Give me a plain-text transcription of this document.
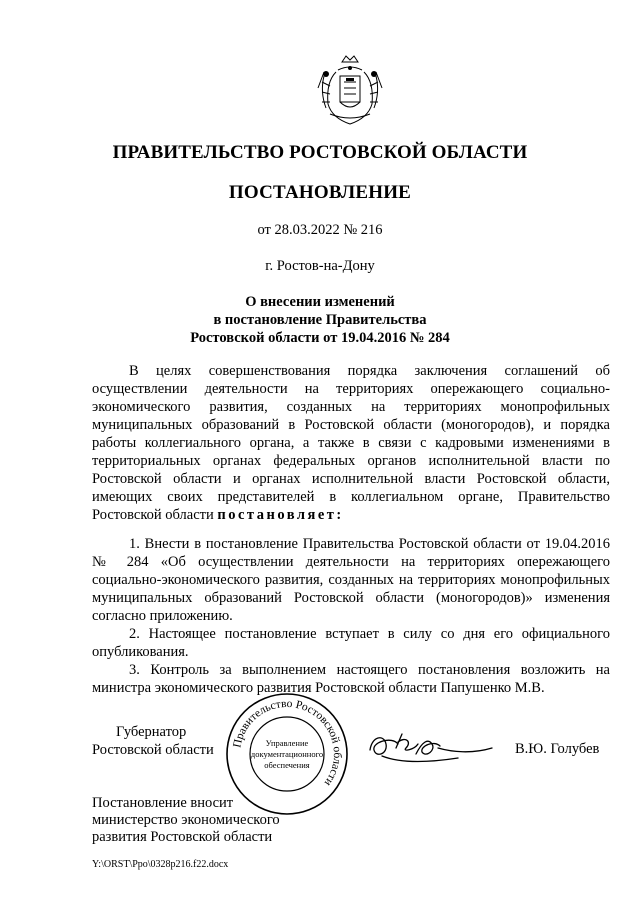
ПРАВИТЕЛЬСТВО РОСТОВСКОЙ ОБЛАСТИ
ПОСТАНОВЛЕНИЕ
от 28.03.2022 № 216
г. Ростов-на-Дону
О внесении изменений
в постановление Правительства
Ростовской области от 19.04.2016 № 284

В целях совершенствования порядка заключения соглашений об осуществлении деятельности на территориях опережающего социально-экономического развития, созданных на территориях монопрофильных муниципальных образований в Ростовской области (моногородов), и порядка работы коллегиального органа, а также в связи с кадровыми изменениями в территориальных органах федеральных органов исполнительной власти по Ростовской области и органах исполнительной власти Ростовской области, имеющих своих представителей в коллегиальном органе, Правительство Ростовской области постановляет:

1. Внести в постановление Правительства Ростовской области от 19.04.2016 № 284 «Об осуществлении деятельности на территориях опережающего социально-экономического развития, созданных на территориях монопрофильных муниципальных образований Ростовской области (моногородов)» изменения согласно приложению.

2. Настоящее постановление вступает в силу со дня его официального опубликования.

3. Контроль за выполнением настоящего постановления возложить на министра экономического развития Ростовской области Папушенко М.В.

Губернатор
Ростовской области Правительство Ростовской области
Управление
документационного
обеспечения
В.Ю. Голубев
Постановление вносит
министерство экономического
развития Ростовской области
Y:\ORST\Ppo\0328p216.f22.docx
